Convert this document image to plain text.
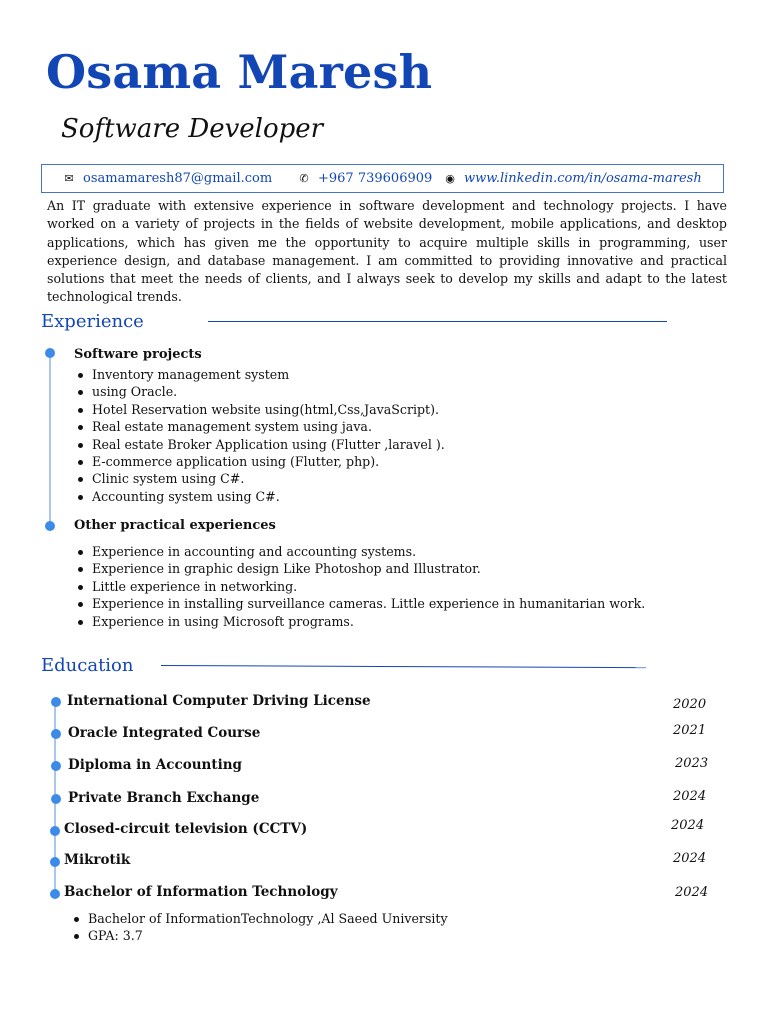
Osama Maresh
Software Developer
✉ osamamaresh87@gmail.com ✆ +967 739606909 ◉ www.linkedin.com/in/osama-maresh
An IT graduate with extensive experience in software development and technology projects. I have worked on a variety of projects in the fields of website development, mobile applications, and desktop applications, which has given me the opportunity to acquire multiple skills in programming, user experience design, and database management. I am committed to providing innovative and practical solutions that meet the needs of clients, and I always seek to develop my skills and adapt to the latest technological trends.
Experience
Software projects
Inventory management system
using Oracle.
Hotel Reservation website using(html,Css,JavaScript).
Real estate management system using java.
Real estate Broker Application using (Flutter ,laravel ).
E-commerce application using (Flutter, php).
Clinic system using C#.
Accounting system using C#.
Other practical experiences
Experience in accounting and accounting systems.
Experience in graphic design Like Photoshop and Illustrator.
Little experience in networking.
Experience in installing surveillance cameras. Little experience in humanitarian work.
Experience in using Microsoft programs.
Education
International Computer Driving License	2020
Oracle Integrated Course	2021
Diploma in Accounting	2023
Private Branch Exchange	2024
Closed-circuit television (CCTV)	2024
Mikrotik	2024
Bachelor of Information Technology	2024
Bachelor of InformationTechnology ,Al Saeed University
GPA: 3.7
